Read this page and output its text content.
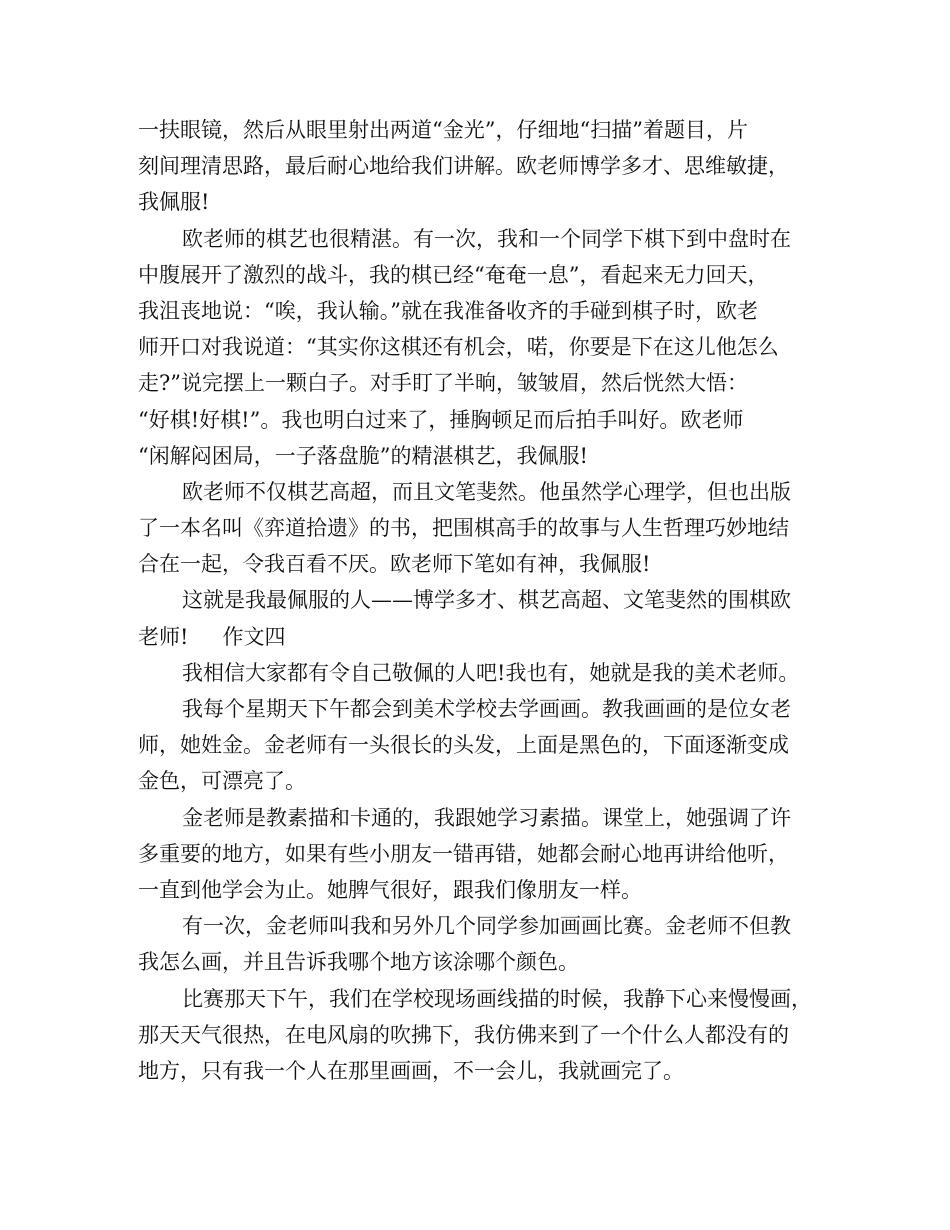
一扶眼镜，然后从眼里射出两道“金光”，仔细地“扫描”着题目，片
刻间理清思路，最后耐心地给我们讲解。欧老师博学多才、思维敏捷，
我佩服!
欧老师的棋艺也很精湛。有一次，我和一个同学下棋下到中盘时在
中腹展开了激烈的战斗，我的棋已经“奄奄一息”，看起来无力回天，
我沮丧地说：“唉，我认输。”就在我准备收齐的手碰到棋子时，欧老
师开口对我说道：“其实你这棋还有机会，喏，你要是下在这儿他怎么
走?”说完摆上一颗白子。对手盯了半晌，皱皱眉，然后恍然大悟：
“好棋!好棋!”。我也明白过来了，捶胸顿足而后拍手叫好。欧老师
“闲解闷困局，一子落盘脆”的精湛棋艺，我佩服!
欧老师不仅棋艺高超，而且文笔斐然。他虽然学心理学，但也出版
了一本名叫《弈道拾遗》的书，把围棋高手的故事与人生哲理巧妙地结
合在一起，令我百看不厌。欧老师下笔如有神，我佩服!
这就是我最佩服的人——博学多才、棋艺高超、文笔斐然的围棋欧
老师! 作文四
我相信大家都有令自己敬佩的人吧!我也有，她就是我的美术老师。
我每个星期天下午都会到美术学校去学画画。教我画画的是位女老
师，她姓金。金老师有一头很长的头发，上面是黑色的，下面逐渐变成
金色，可漂亮了。
金老师是教素描和卡通的，我跟她学习素描。课堂上，她强调了许
多重要的地方，如果有些小朋友一错再错，她都会耐心地再讲给他听，
一直到他学会为止。她脾气很好，跟我们像朋友一样。
有一次，金老师叫我和另外几个同学参加画画比赛。金老师不但教
我怎么画，并且告诉我哪个地方该涂哪个颜色。
比赛那天下午，我们在学校现场画线描的时候，我静下心来慢慢画，
那天天气很热，在电风扇的吹拂下，我仿佛来到了一个什么人都没有的
地方，只有我一个人在那里画画，不一会儿，我就画完了。
